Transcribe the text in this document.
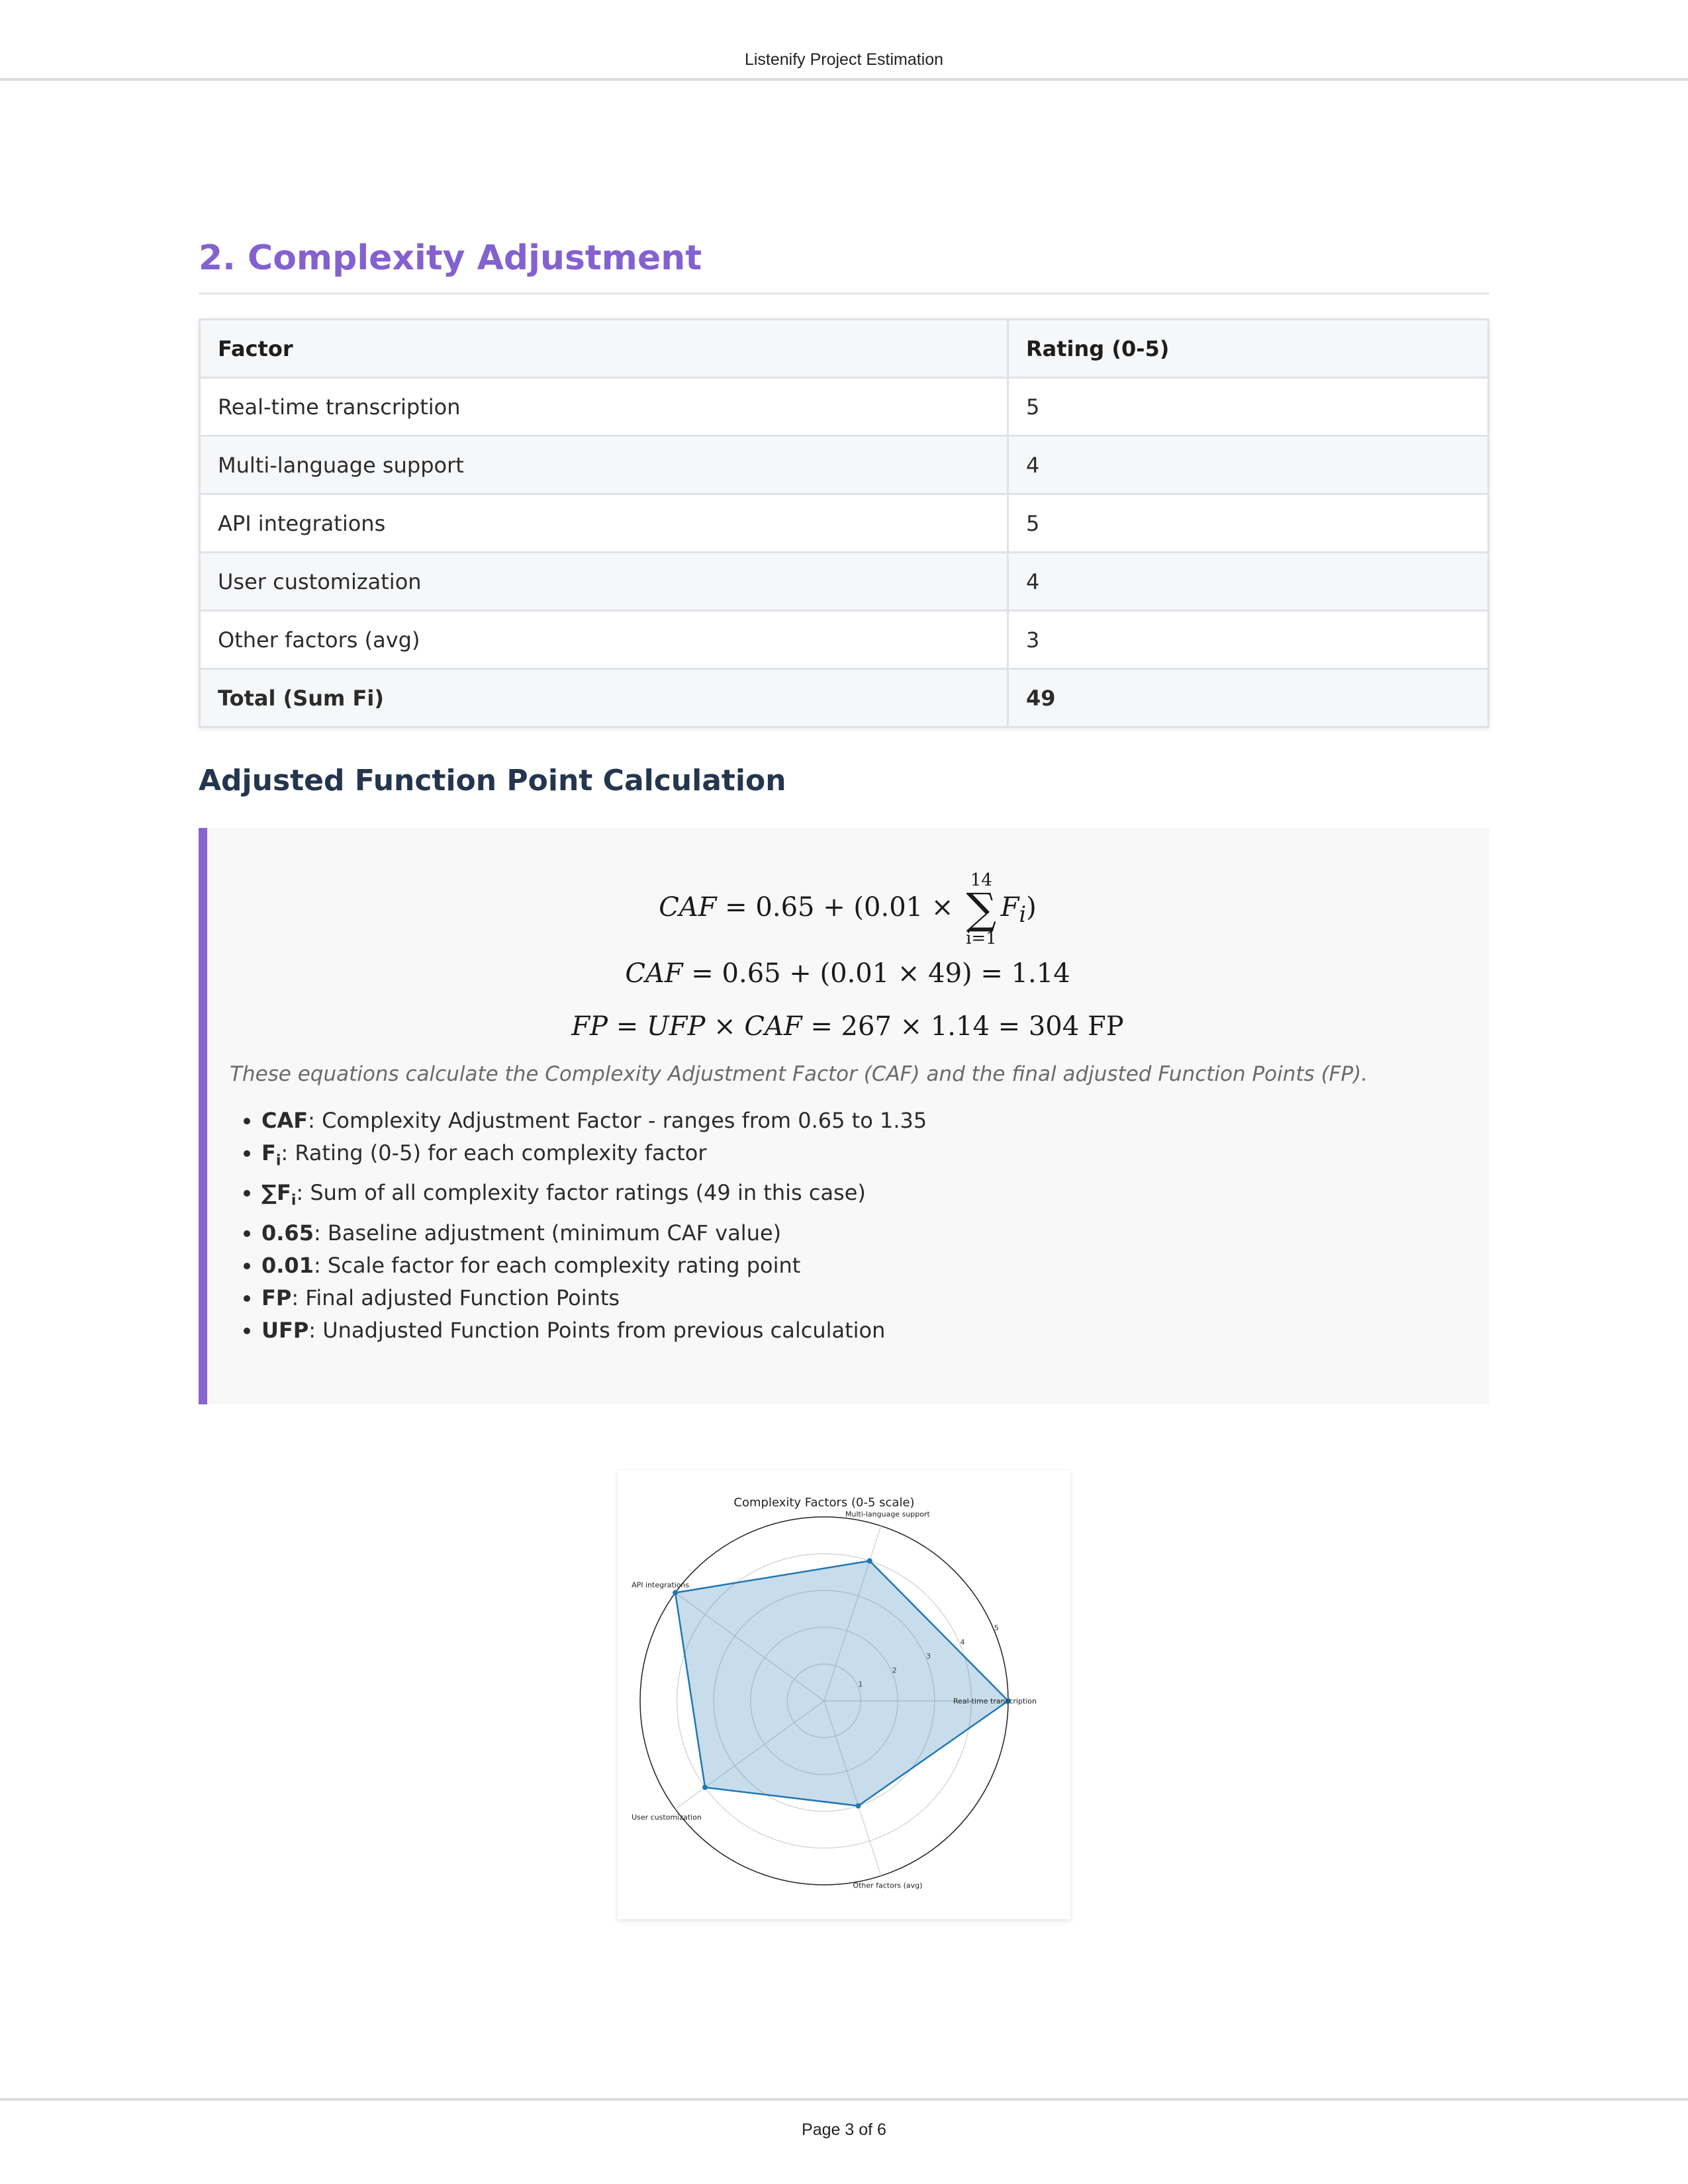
Listenify Project Estimation
2. Complexity Adjustment
Factor	Rating (0-5)
Real-time transcription	5
Multi-language support	4
API integrations	5
User customization	4
Other factors (avg)	3
Total (Sum Fi)	49
Adjusted Function Point Calculation
CAF = 0.65 + (0.01 ×
14
∑
i=1
$F_i$)
CAF = 0.65 + (0.01 × 49) = 1.14
FP = UFP × CAF = 267 × 1.14 = 304 FP
These equations calculate the Complexity Adjustment Factor (CAF) and the final adjusted Function Points (FP).
• CAF: Complexity Adjustment Factor - ranges from 0.65 to 1.35
• $F_i$: Rating (0-5) for each complexity factor
• $\sum F_i$: Sum of all complexity factor ratings (49 in this case)
• 0.65: Baseline adjustment (minimum CAF value)
• 0.01: Scale factor for each complexity rating point
• FP: Final adjusted Function Points
• UFP: Unadjusted Function Points from previous calculation
Complexity Factors (0-5 scale)
1
2
3
4
5
Real-time transcription
Multi-language support
API integrations
User customization
Other factors (avg)
Page 3 of 6
